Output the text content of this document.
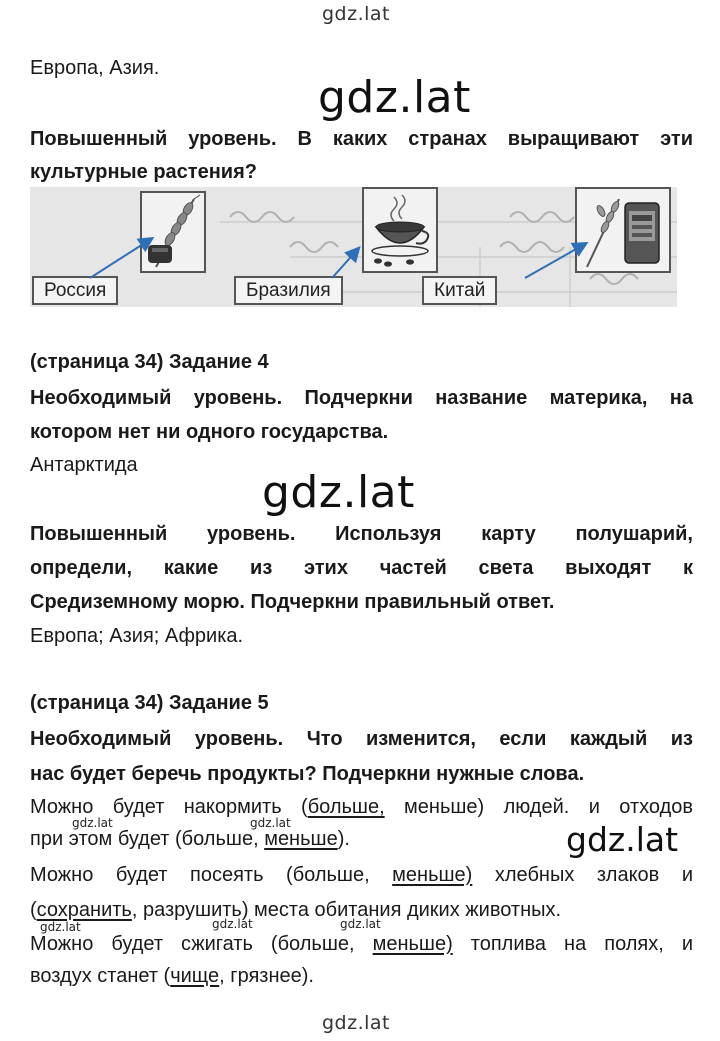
gdz.lat
Европа, Азия.
gdz.lat
Повышенный уровень. В каких странах выращивают эти
культурные растения?
Россия	Бразилия	Китай
(страница 34) Задание 4
Необходимый уровень. Подчеркни название материка, на
котором нет ни одного государства.
Антарктида
gdz.lat
Повышенный уровень. Используя карту полушарий,
определи, какие из этих частей света выходят к
Средиземному морю. Подчеркни правильный ответ.
Европа; Азия; Африка.
(страница 34) Задание 5
Необходимый уровень. Что изменится, если каждый из
нас будет беречь продукты? Подчеркни нужные слова.
Можно будет накормить (больше, меньше) людей. и отходов
при этом будет (больше, меньше).	gdz.lat
Можно будет посеять (больше, меньше) хлебных злаков и
(сохранить, разрушить) места обитания диких животных.
Можно будет сжигать (больше, меньше) топлива на полях, и
воздух станет (чище, грязнее).
gdz.lat	gdz.lat
gdz.lat	gdz.lat	gdz.lat
gdz.lat
